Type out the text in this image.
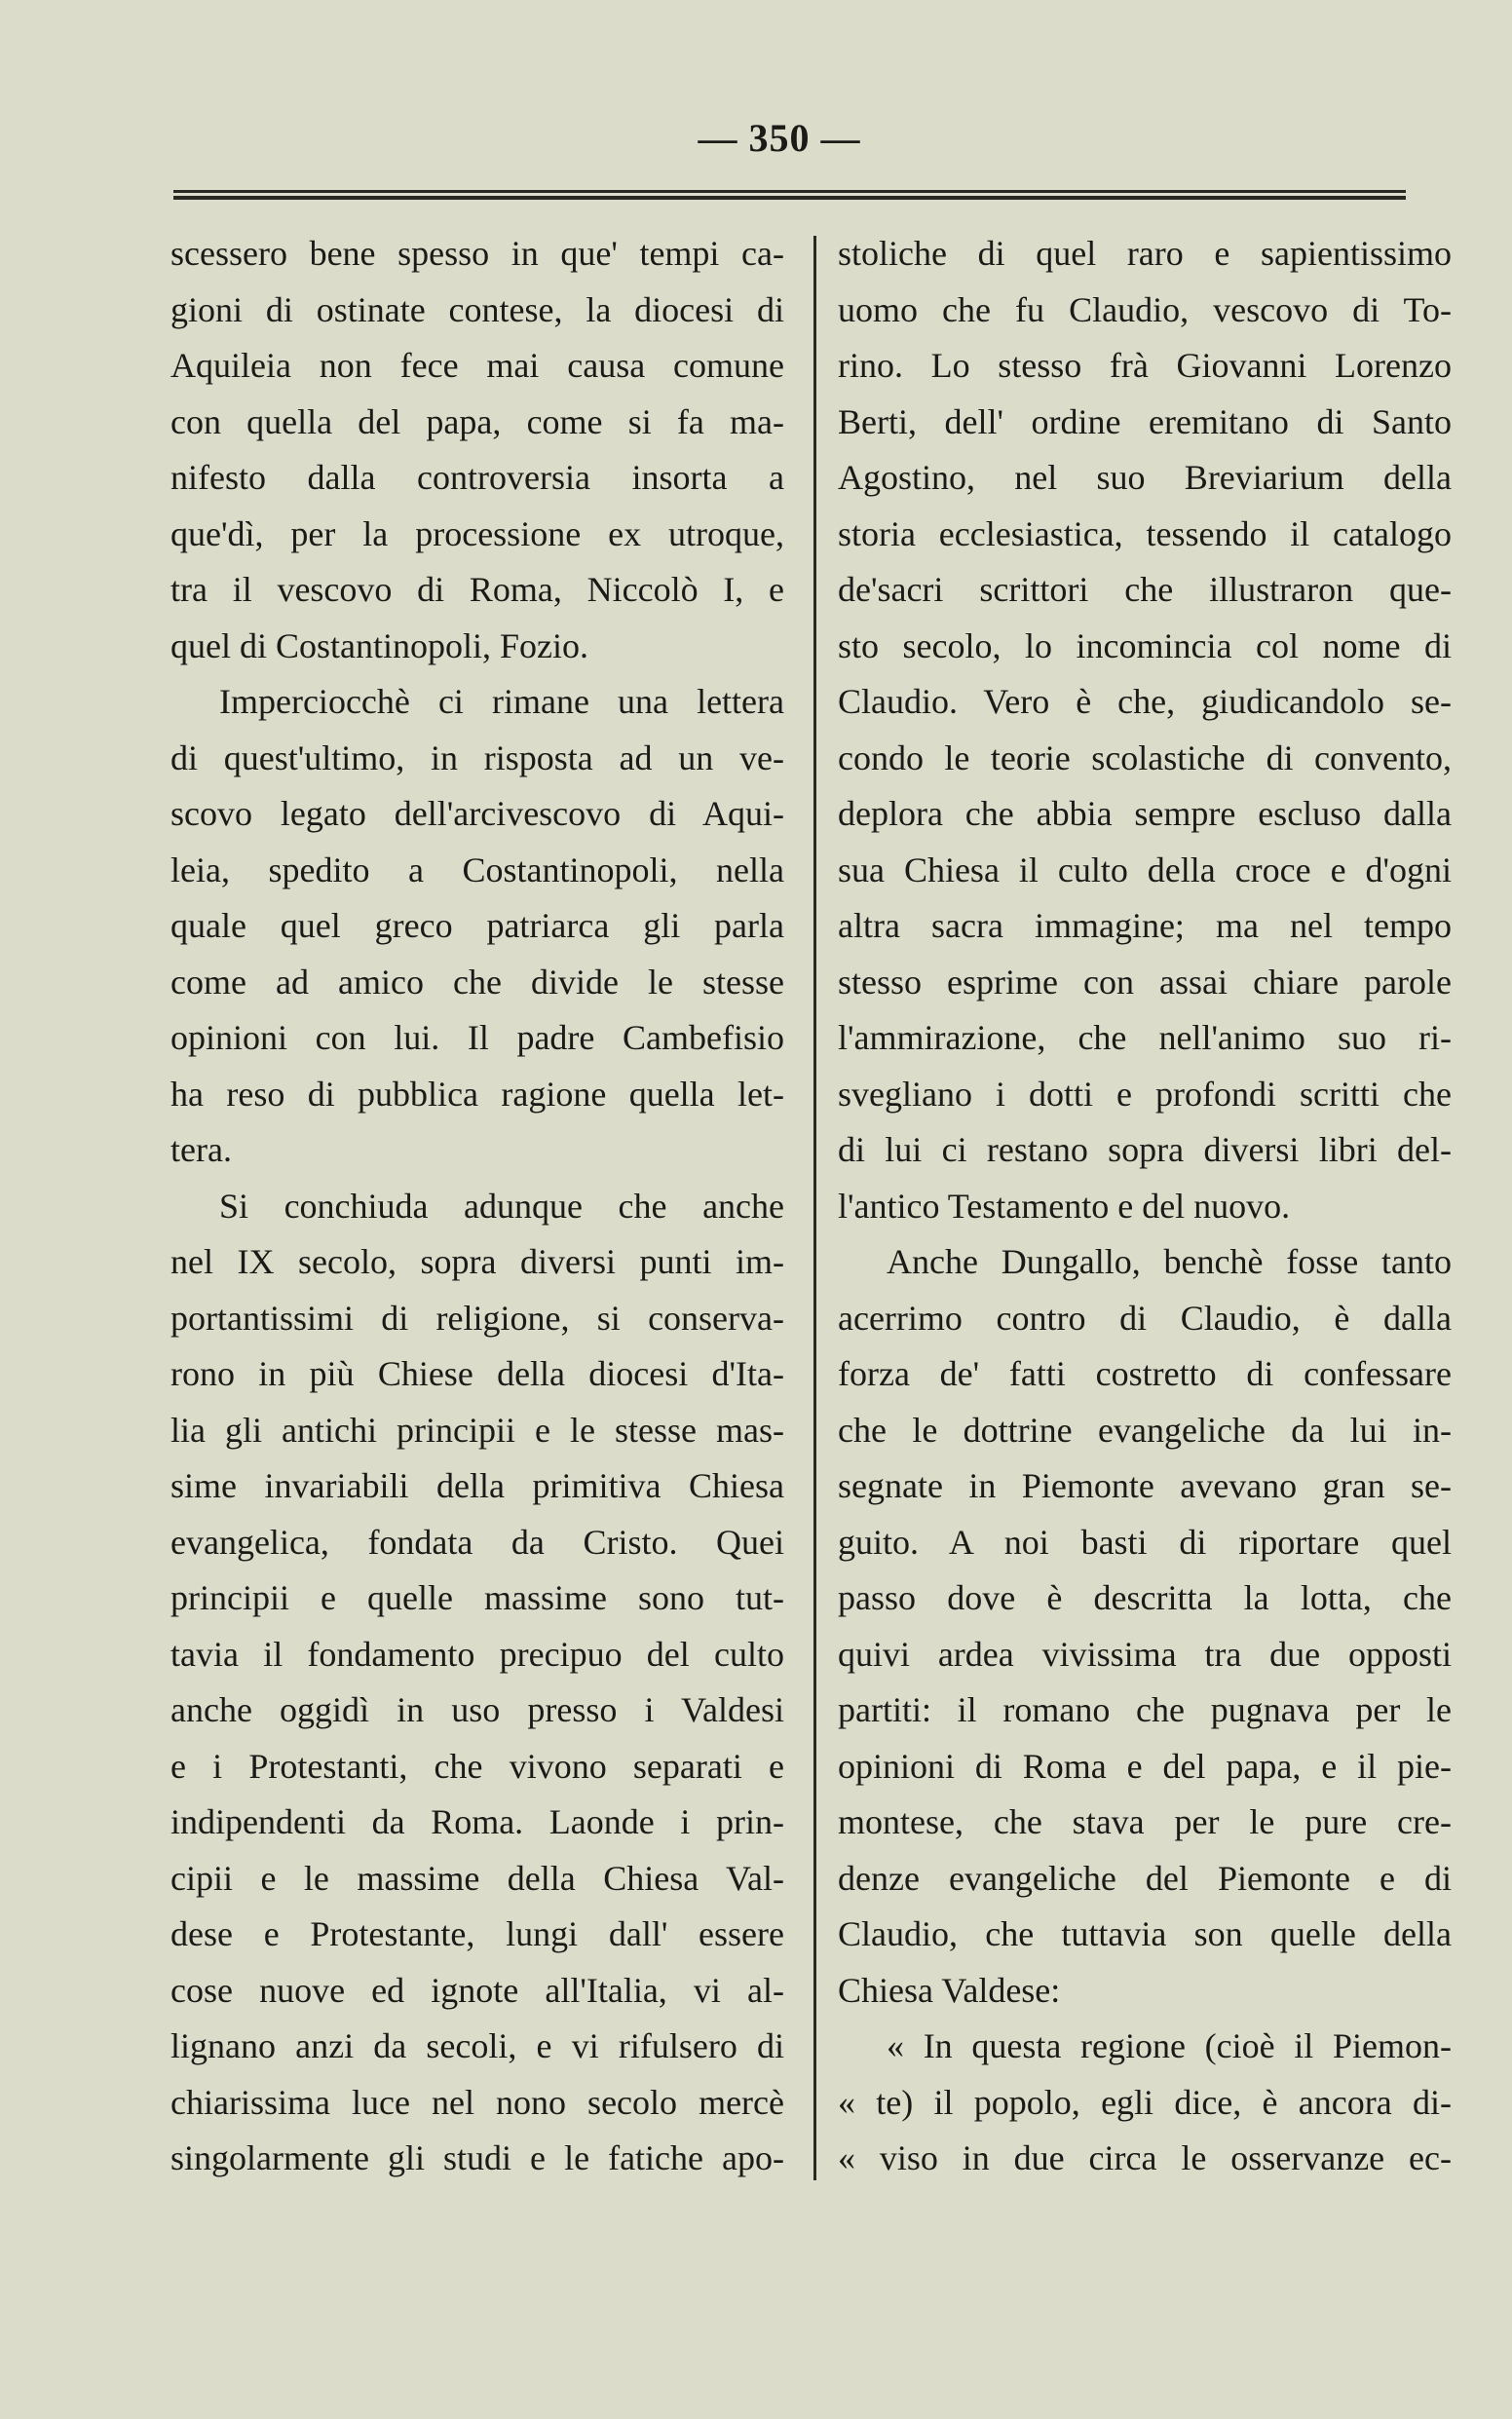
— 350 —
scessero bene spesso in que' tempi ca-
gioni di ostinate contese, la diocesi di
Aquileia non fece mai causa comune
con quella del papa, come si fa ma-
nifesto dalla controversia insorta a
que'dì, per la processione ex utroque,
tra il vescovo di Roma, Niccolò I, e
quel di Costantinopoli, Fozio.
Imperciocchè ci rimane una lettera
di quest'ultimo, in risposta ad un ve-
scovo legato dell'arcivescovo di Aqui-
leia, spedito a Costantinopoli, nella
quale quel greco patriarca gli parla
come ad amico che divide le stesse
opinioni con lui. Il padre Cambefisio
ha reso di pubblica ragione quella let-
tera.
Si conchiuda adunque che anche
nel IX secolo, sopra diversi punti im-
portantissimi di religione, si conserva-
rono in più Chiese della diocesi d'Ita-
lia gli antichi principii e le stesse mas-
sime invariabili della primitiva Chiesa
evangelica, fondata da Cristo. Quei
principii e quelle massime sono tut-
tavia il fondamento precipuo del culto
anche oggidì in uso presso i Valdesi
e i Protestanti, che vivono separati e
indipendenti da Roma. Laonde i prin-
cipii e le massime della Chiesa Val-
dese e Protestante, lungi dall' essere
cose nuove ed ignote all'Italia, vi al-
lignano anzi da secoli, e vi rifulsero di
chiarissima luce nel nono secolo mercè
singolarmente gli studi e le fatiche apo-
stoliche di quel raro e sapientissimo
uomo che fu Claudio, vescovo di To-
rino. Lo stesso frà Giovanni Lorenzo
Berti, dell' ordine eremitano di Santo
Agostino, nel suo Breviarium della
storia ecclesiastica, tessendo il catalogo
de'sacri scrittori che illustraron que-
sto secolo, lo incomincia col nome di
Claudio. Vero è che, giudicandolo se-
condo le teorie scolastiche di convento,
deplora che abbia sempre escluso dalla
sua Chiesa il culto della croce e d'ogni
altra sacra immagine; ma nel tempo
stesso esprime con assai chiare parole
l'ammirazione, che nell'animo suo ri-
svegliano i dotti e profondi scritti che
di lui ci restano sopra diversi libri del-
l'antico Testamento e del nuovo.
Anche Dungallo, benchè fosse tanto
acerrimo contro di Claudio, è dalla
forza de' fatti costretto di confessare
che le dottrine evangeliche da lui in-
segnate in Piemonte avevano gran se-
guito. A noi basti di riportare quel
passo dove è descritta la lotta, che
quivi ardea vivissima tra due opposti
partiti: il romano che pugnava per le
opinioni di Roma e del papa, e il pie-
montese, che stava per le pure cre-
denze evangeliche del Piemonte e di
Claudio, che tuttavia son quelle della
Chiesa Valdese:
« In questa regione (cioè il Piemon-
« te) il popolo, egli dice, è ancora di-
« viso in due circa le osservanze ec-
